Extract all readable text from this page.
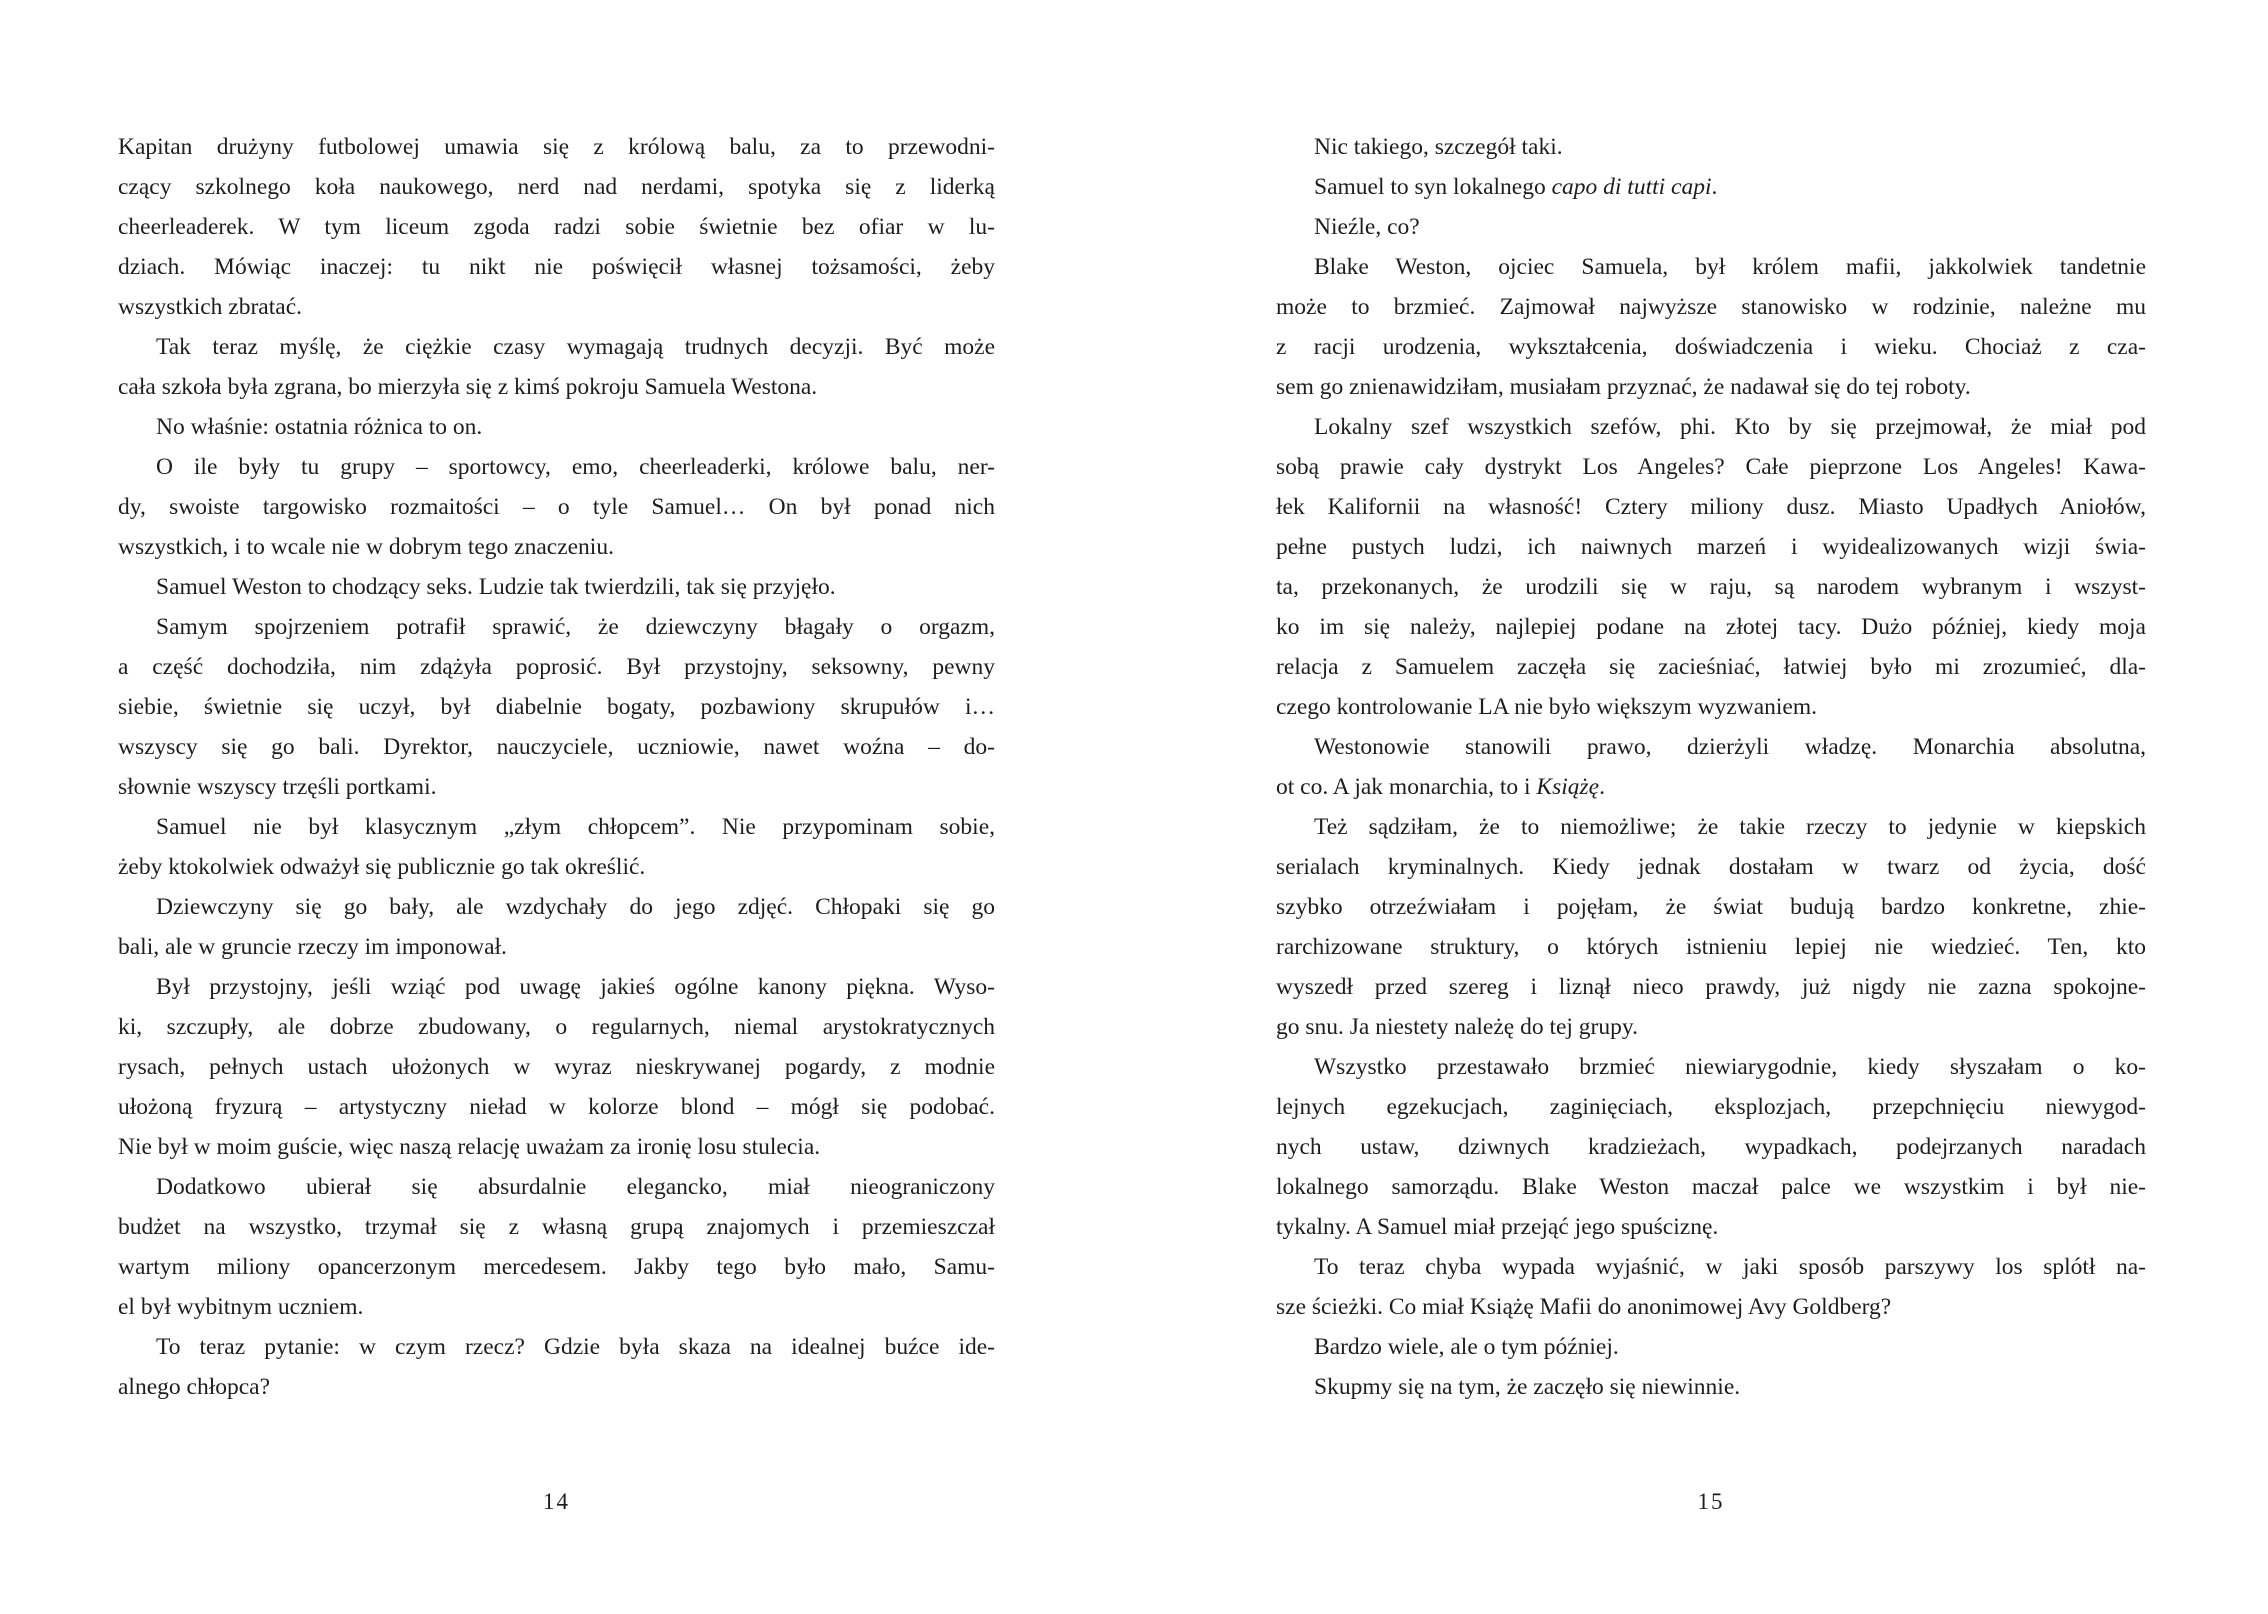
Kapitan drużyny futbolowej umawia się z królową balu, za to przewodni-
czący szkolnego koła naukowego, nerd nad nerdami, spotyka się z liderką
cheerleaderek. W tym liceum zgoda radzi sobie świetnie bez ofiar w lu-
dziach. Mówiąc inaczej: tu nikt nie poświęcił własnej tożsamości, żeby
wszystkich zbratać.
Tak teraz myślę, że ciężkie czasy wymagają trudnych decyzji. Być może
cała szkoła była zgrana, bo mierzyła się z kimś pokroju Samuela Westona.
No właśnie: ostatnia różnica to on.
O ile były tu grupy – sportowcy, emo, cheerleaderki, królowe balu, ner-
dy, swoiste targowisko rozmaitości – o tyle Samuel… On był ponad nich
wszystkich, i to wcale nie w dobrym tego znaczeniu.
Samuel Weston to chodzący seks. Ludzie tak twierdzili, tak się przyjęło.
Samym spojrzeniem potrafił sprawić, że dziewczyny błagały o orgazm,
a część dochodziła, nim zdążyła poprosić. Był przystojny, seksowny, pewny
siebie, świetnie się uczył, był diabelnie bogaty, pozbawiony skrupułów i…
wszyscy się go bali. Dyrektor, nauczyciele, uczniowie, nawet woźna – do-
słownie wszyscy trzęśli portkami.
Samuel nie był klasycznym „złym chłopcem”. Nie przypominam sobie,
żeby ktokolwiek odważył się publicznie go tak określić.
Dziewczyny się go bały, ale wzdychały do jego zdjęć. Chłopaki się go
bali, ale w gruncie rzeczy im imponował.
Był przystojny, jeśli wziąć pod uwagę jakieś ogólne kanony piękna. Wyso-
ki, szczupły, ale dobrze zbudowany, o regularnych, niemal arystokratycznych
rysach, pełnych ustach ułożonych w wyraz nieskrywanej pogardy, z modnie
ułożoną fryzurą – artystyczny nieład w kolorze blond – mógł się podobać.
Nie był w moim guście, więc naszą relację uważam za ironię losu stulecia.
Dodatkowo ubierał się absurdalnie elegancko, miał nieograniczony
budżet na wszystko, trzymał się z własną grupą znajomych i przemieszczał
wartym miliony opancerzonym mercedesem. Jakby tego było mało, Samu-
el był wybitnym uczniem.
To teraz pytanie: w czym rzecz? Gdzie była skaza na idealnej buźce ide-
alnego chłopca?
14
Nic takiego, szczegół taki.
Samuel to syn lokalnego capo di tutti capi.
Nieźle, co?
Blake Weston, ojciec Samuela, był królem mafii, jakkolwiek tandetnie
może to brzmieć. Zajmował najwyższe stanowisko w rodzinie, należne mu
z racji urodzenia, wykształcenia, doświadczenia i wieku. Chociaż z cza-
sem go znienawidziłam, musiałam przyznać, że nadawał się do tej roboty.
Lokalny szef wszystkich szefów, phi. Kto by się przejmował, że miał pod
sobą prawie cały dystrykt Los Angeles? Całe pieprzone Los Angeles! Kawa-
łek Kalifornii na własność! Cztery miliony dusz. Miasto Upadłych Aniołów,
pełne pustych ludzi, ich naiwnych marzeń i wyidealizowanych wizji świa-
ta, przekonanych, że urodzili się w raju, są narodem wybranym i wszyst-
ko im się należy, najlepiej podane na złotej tacy. Dużo później, kiedy moja
relacja z Samuelem zaczęła się zacieśniać, łatwiej było mi zrozumieć, dla-
czego kontrolowanie LA nie było większym wyzwaniem.
Westonowie stanowili prawo, dzierżyli władzę. Monarchia absolutna,
ot co. A jak monarchia, to i Książę.
Też sądziłam, że to niemożliwe; że takie rzeczy to jedynie w kiepskich
serialach kryminalnych. Kiedy jednak dostałam w twarz od życia, dość
szybko otrzeźwiałam i pojęłam, że świat budują bardzo konkretne, zhie-
rarchizowane struktury, o których istnieniu lepiej nie wiedzieć. Ten, kto
wyszedł przed szereg i liznął nieco prawdy, już nigdy nie zazna spokojne-
go snu. Ja niestety należę do tej grupy.
Wszystko przestawało brzmieć niewiarygodnie, kiedy słyszałam o ko-
lejnych egzekucjach, zaginięciach, eksplozjach, przepchnięciu niewygod-
nych ustaw, dziwnych kradzieżach, wypadkach, podejrzanych naradach
lokalnego samorządu. Blake Weston maczał palce we wszystkim i był nie-
tykalny. A Samuel miał przejąć jego spuściznę.
To teraz chyba wypada wyjaśnić, w jaki sposób parszywy los splótł na-
sze ścieżki. Co miał Książę Mafii do anonimowej Avy Goldberg?
Bardzo wiele, ale o tym później.
Skupmy się na tym, że zaczęło się niewinnie.
15
